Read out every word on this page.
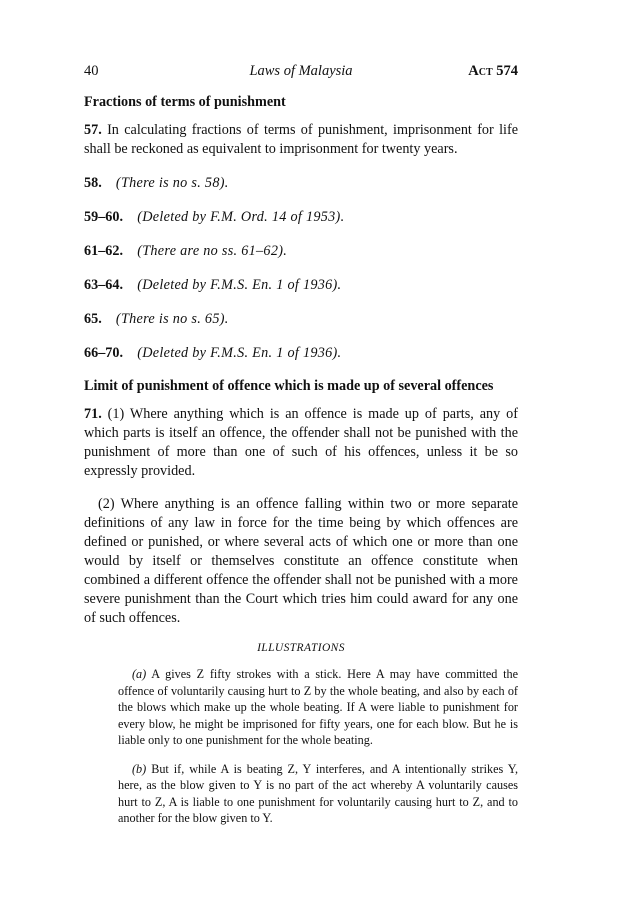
40	Laws of Malaysia	Act 574
Fractions of terms of punishment
57. In calculating fractions of terms of punishment, imprisonment for life shall be reckoned as equivalent to imprisonment for twenty years.
58. (There is no s. 58).
59–60. (Deleted by F.M. Ord. 14 of 1953).
61–62. (There are no ss. 61–62).
63–64. (Deleted by F.M.S. En. 1 of 1936).
65. (There is no s. 65).
66–70. (Deleted by F.M.S. En. 1 of 1936).
Limit of punishment of offence which is made up of several offences
71. (1) Where anything which is an offence is made up of parts, any of which parts is itself an offence, the offender shall not be punished with the punishment of more than one of such of his offences, unless it be so expressly provided.
(2) Where anything is an offence falling within two or more separate definitions of any law in force for the time being by which offences are defined or punished, or where several acts of which one or more than one would by itself or themselves constitute an offence constitute when combined a different offence the offender shall not be punished with a more severe punishment than the Court which tries him could award for any one of such offences.
ILLUSTRATIONS
(a) A gives Z fifty strokes with a stick. Here A may have committed the offence of voluntarily causing hurt to Z by the whole beating, and also by each of the blows which make up the whole beating. If A were liable to punishment for every blow, he might be imprisoned for fifty years, one for each blow. But he is liable only to one punishment for the whole beating.
(b) But if, while A is beating Z, Y interferes, and A intentionally strikes Y, here, as the blow given to Y is no part of the act whereby A voluntarily causes hurt to Z, A is liable to one punishment for voluntarily causing hurt to Z, and to another for the blow given to Y.
